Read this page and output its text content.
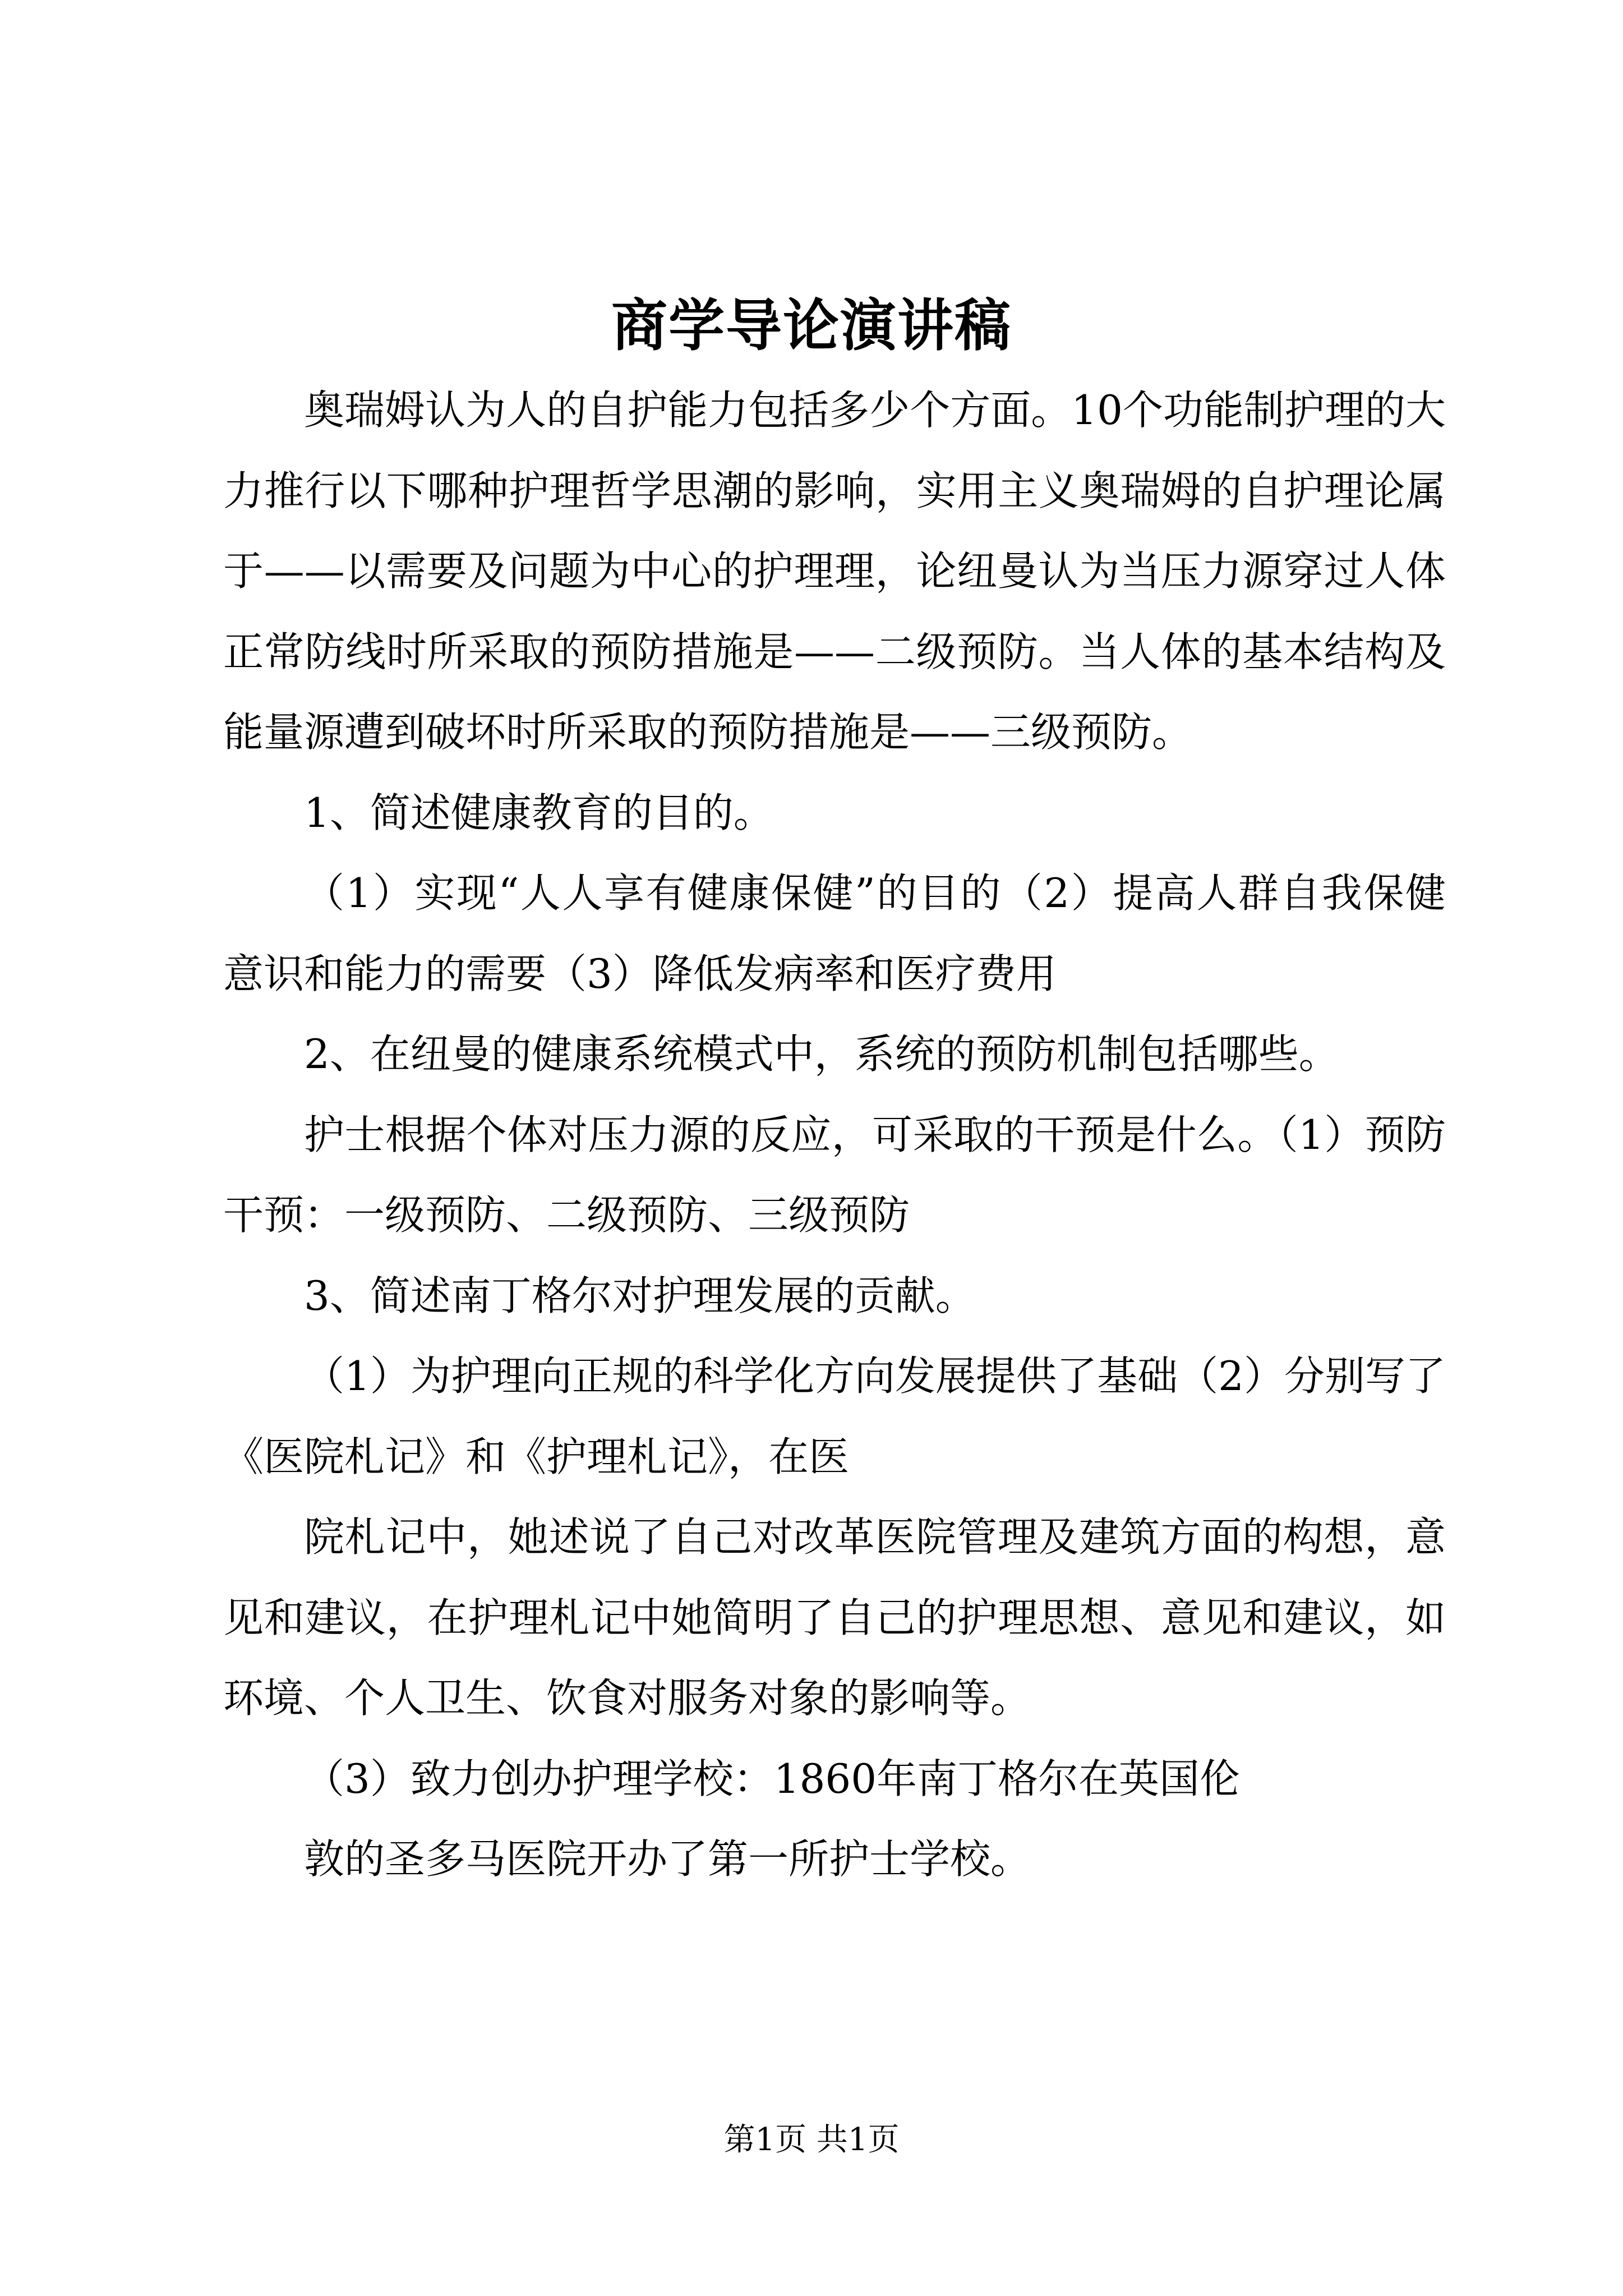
商学导论演讲稿

奥瑞姆认为人的自护能力包括多少个方面。10个功能制护理的大力推行以下哪种护理哲学思潮的影响，实用主义奥瑞姆的自护理论属于——以需要及问题为中心的护理理，论纽曼认为当压力源穿过人体正常防线时所采取的预防措施是——二级预防。当人体的基本结构及能量源遭到破坏时所采取的预防措施是——三级预防。

1、简述健康教育的目的。

（1）实现“人人享有健康保健”的目的（2）提高人群自我保健意识和能力的需要（3）降低发病率和医疗费用

2、在纽曼的健康系统模式中，系统的预防机制包括哪些。

护士根据个体对压力源的反应，可采取的干预是什么。（1）预防干预：一级预防、二级预防、三级预防

3、简述南丁格尔对护理发展的贡献。

（1）为护理向正规的科学化方向发展提供了基础（2）分别写了《医院札记》和《护理札记》，在医

院札记中，她述说了自己对改革医院管理及建筑方面的构想，意见和建议，在护理札记中她简明了自己的护理思想、意见和建议，如环境、个人卫生、饮食对服务对象的影响等。

（3）致力创办护理学校：1860年南丁格尔在英国伦

敦的圣多马医院开办了第一所护士学校。

第1页 共1页
